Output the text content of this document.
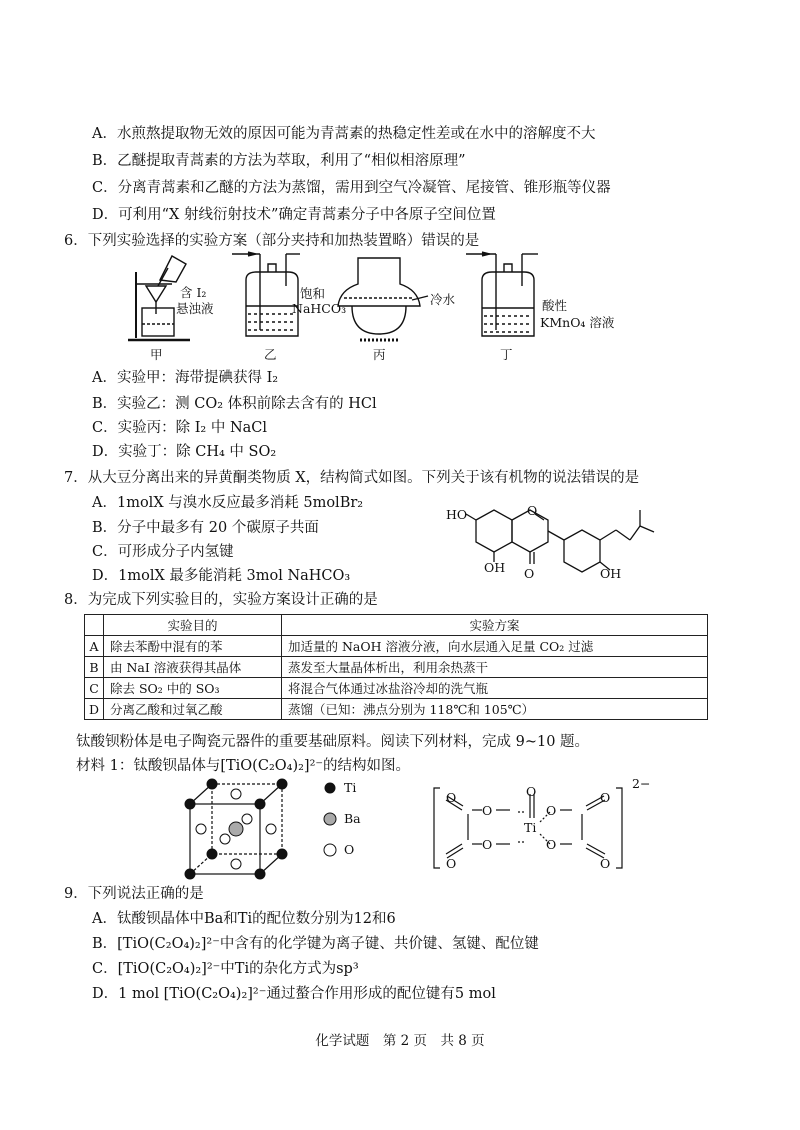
A．水煎熬提取物无效的原因可能为青蒿素的热稳定性差或在水中的溶解度不大
B．乙醚提取青蒿素的方法为萃取，利用了“相似相溶原理”
C．分离青蒿素和乙醚的方法为蒸馏，需用到空气冷凝管、尾接管、锥形瓶等仪器
D．可利用“X 射线衍射技术”确定青蒿素分子中各原子空间位置
6．下列实验选择的实验方案（部分夹持和加热装置略）错误的是
含 I₂
悬浊液
饱和
NaHCO₃
冷水	酸性
KMnO₄ 溶液
甲	乙	丙	丁
A．实验甲：海带提碘获得 I₂
B．实验乙：测 CO₂ 体积前除去含有的 HCl
C．实验丙：除 I₂ 中 NaCl
D．实验丁：除 CH₄ 中 SO₂
7．从大豆分离出来的异黄酮类物质 X，结构简式如图。下列关于该有机物的说法错误的是
A．1molX 与溴水反应最多消耗 5molBr₂
B．分子中最多有 20 个碳原子共面
C．可形成分子内氢键
D．1molX 最多能消耗 3mol NaHCO₃
HO	O
OH O	OH
8．为完成下列实验目的，实验方案设计正确的是
	实验目的	实验方案
A	除去苯酚中混有的苯	加适量的 NaOH 溶液分液，向水层通入足量 CO₂ 过滤
B	由 NaI 溶液获得其晶体	蒸发至大量晶体析出，利用余热蒸干
C	除去 SO₂ 中的 SO₃	将混合气体通过冰盐浴冷却的洗气瓶
D	分离乙酸和过氧乙酸	蒸馏（已知：沸点分别为 118℃和 105℃）
钛酸钡粉体是电子陶瓷元器件的重要基础原料。阅读下列材料，完成 9~10 题。
材料 1：钛酸钡晶体与[TiO(C₂O₄)₂]²⁻的结构如图。
Ti
Ba
O
O
O
O
O
O
Ti
O
O
O
O
2−
9．下列说法正确的是
A．钛酸钡晶体中Ba和Ti的配位数分别为12和6
B．[TiO(C₂O₄)₂]²⁻中含有的化学键为离子键、共价键、氢键、配位键
C．[TiO(C₂O₄)₂]²⁻中Ti的杂化方式为sp³
D．1 mol [TiO(C₂O₄)₂]²⁻通过螯合作用形成的配位键有5 mol
化学试题　第 2 页　共 8 页
